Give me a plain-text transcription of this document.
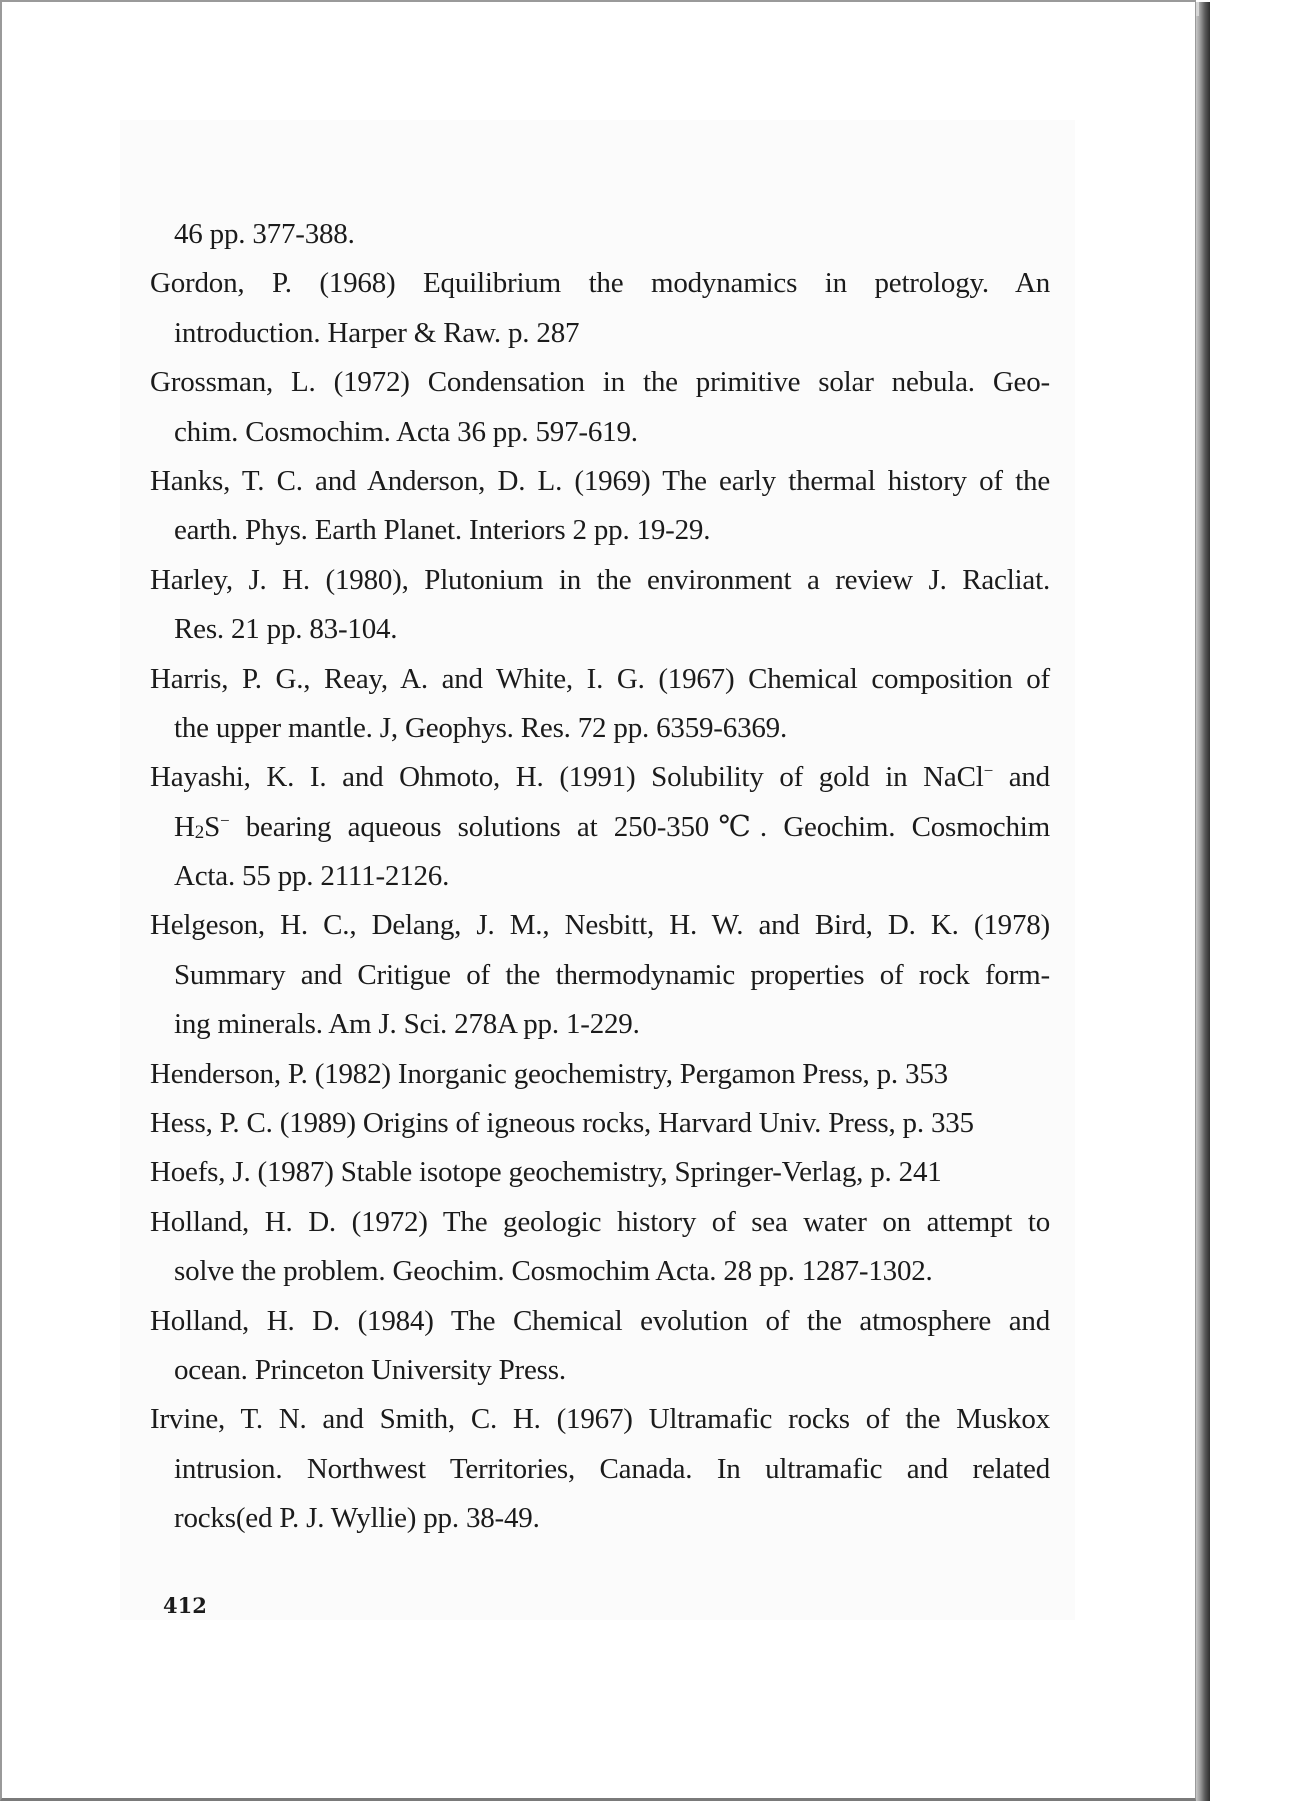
46 pp. 377-388.
Gordon, P. (1968) Equilibrium the modynamics in petrology. An
introduction. Harper & Raw. p. 287
Grossman, L. (1972) Condensation in the primitive solar nebula. Geo-
chim. Cosmochim. Acta 36 pp. 597-619.
Hanks, T. C. and Anderson, D. L. (1969) The early thermal history of the
earth. Phys. Earth Planet. Interiors 2 pp. 19-29.
Harley, J. H. (1980), Plutonium in the environment a review J. Racliat.
Res. 21 pp. 83-104.
Harris, P. G., Reay, A. and White, I. G. (1967) Chemical composition of
the upper mantle. J, Geophys. Res. 72 pp. 6359-6369.
Hayashi, K. I. and Ohmoto, H. (1991) Solubility of gold in NaCl− and
H2S− bearing aqueous solutions at 250-350℃. Geochim. Cosmochim
Acta. 55 pp. 2111-2126.
Helgeson, H. C., Delang, J. M., Nesbitt, H. W. and Bird, D. K. (1978)
Summary and Critigue of the thermodynamic properties of rock form-
ing minerals. Am J. Sci. 278A pp. 1-229.
Henderson, P. (1982) Inorganic geochemistry, Pergamon Press, p. 353
Hess, P. C. (1989) Origins of igneous rocks, Harvard Univ. Press, p. 335
Hoefs, J. (1987) Stable isotope geochemistry, Springer-Verlag, p. 241
Holland, H. D. (1972) The geologic history of sea water on attempt to
solve the problem. Geochim. Cosmochim Acta. 28 pp. 1287-1302.
Holland, H. D. (1984) The Chemical evolution of the atmosphere and
ocean. Princeton University Press.
Irvine, T. N. and Smith, C. H. (1967) Ultramafic rocks of the Muskox
intrusion. Northwest Territories, Canada. In ultramafic and related
rocks(ed P. J. Wyllie) pp. 38-49.
412
